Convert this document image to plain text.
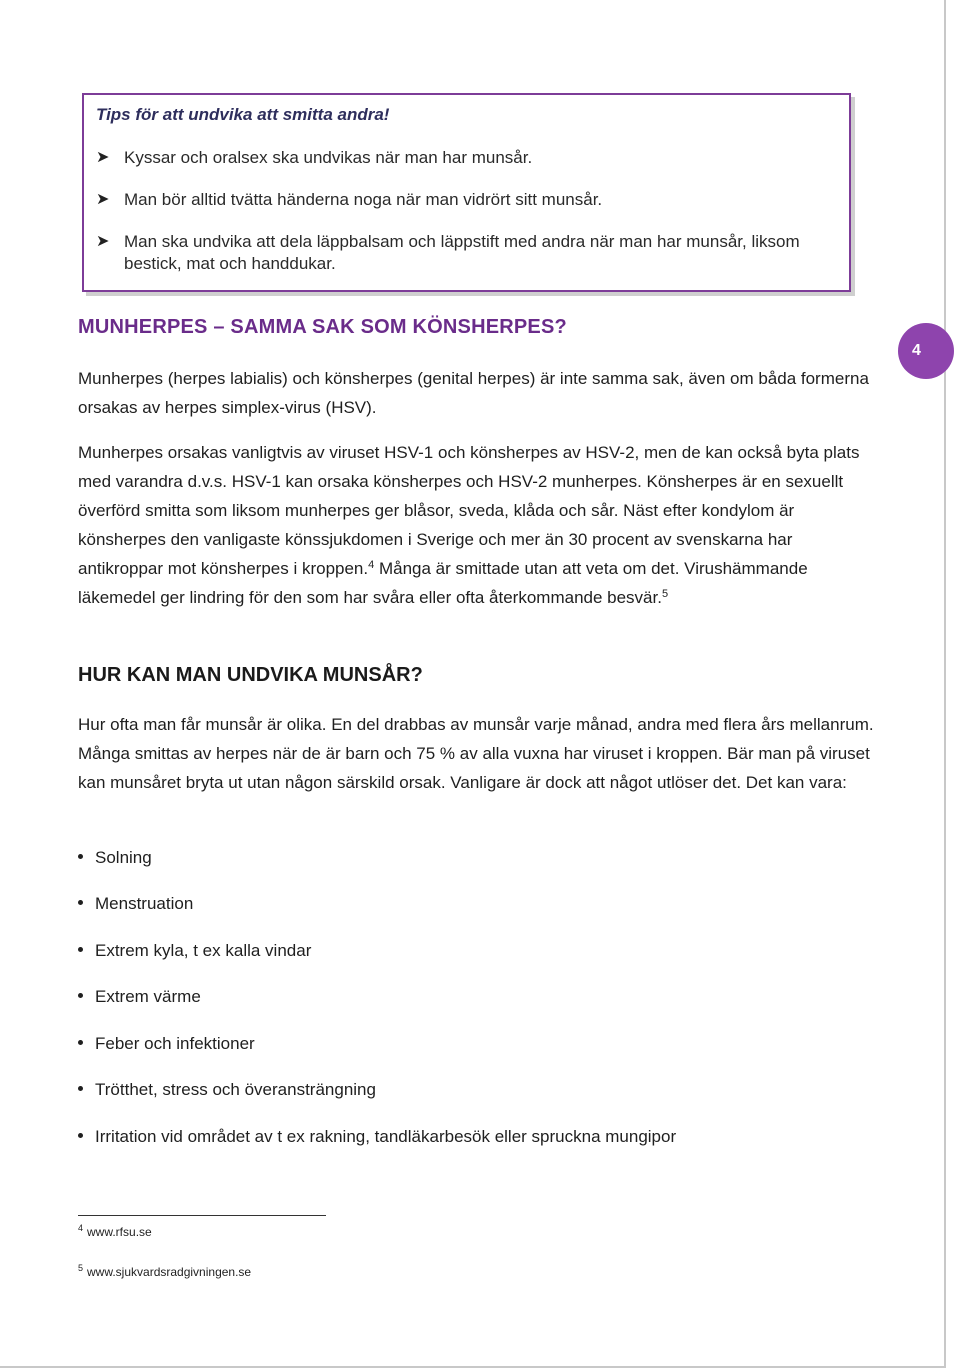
Tips för att undvika att smitta andra!
➤ Kyssar och oralsex ska undvikas när man har munsår.
➤ Man bör alltid tvätta händerna noga när man vidrört sitt munsår.
➤ Man ska undvika att dela läppbalsam och läppstift med andra när man har munsår, liksom bestick, mat och handdukar.
MUNHERPES – SAMMA SAK SOM KÖNSHERPES?
4
Munherpes (herpes labialis) och könsherpes (genital herpes) är inte samma sak, även om båda formerna orsakas av herpes simplex-virus (HSV).
Munherpes orsakas vanligtvis av viruset HSV-1 och könsherpes av HSV-2, men de kan också byta plats med varandra d.v.s. HSV-1 kan orsaka könsherpes och HSV-2 munherpes. Könsherpes är en sexuellt överförd smitta som liksom munherpes ger blåsor, sveda, klåda och sår. Näst efter kondylom är könsherpes den vanligaste könssjukdomen i Sverige och mer än 30 procent av svenskarna har antikroppar mot könsherpes i kroppen.$^4$ Många är smittade utan att veta om det. Virushämmande läkemedel ger lindring för den som har svåra eller ofta återkommande besvär.$^5$
HUR KAN MAN UNDVIKA MUNSÅR?
Hur ofta man får munsår är olika. En del drabbas av munsår varje månad, andra med flera års mellanrum. Många smittas av herpes när de är barn och 75 % av alla vuxna har viruset i kroppen. Bär man på viruset kan munsåret bryta ut utan någon särskild orsak. Vanligare är dock att något utlöser det. Det kan vara:
Solning
Menstruation
Extrem kyla, t ex kalla vindar
Extrem värme
Feber och infektioner
Trötthet, stress och överansträngning
Irritation vid området av t ex rakning, tandläkarbesök eller spruckna mungipor
$^4$ www.rfsu.se
$^5$ www.sjukvardsradgivningen.se
